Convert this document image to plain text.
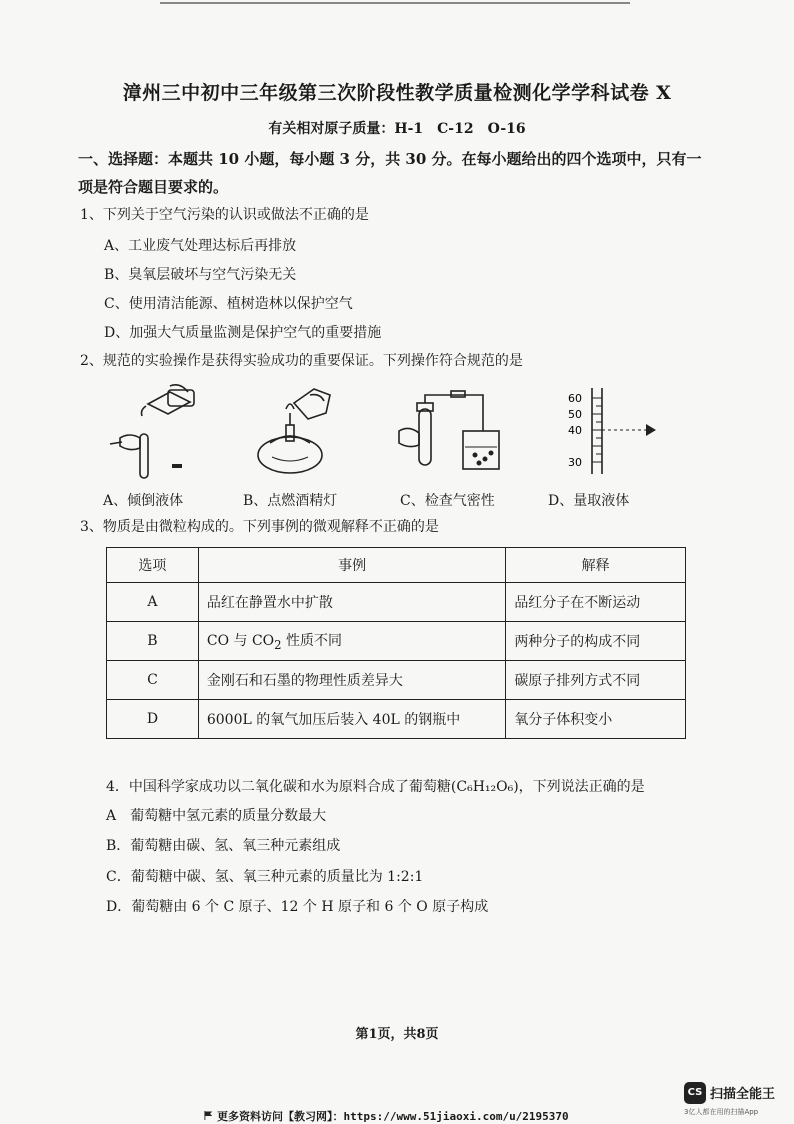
漳州三中初中三年级第三次阶段性教学质量检测化学学科试卷 X
有关相对原子质量：H-1　C-12　O-16
一、选择题：本题共 10 小题，每小题 3 分，共 30 分。在每小题给出的四个选项中，只有一
项是符合题目要求的。
1、下列关于空气污染的认识或做法不正确的是
A、工业废气处理达标后再排放
B、臭氧层破坏与空气污染无关
C、使用清洁能源、植树造林以保护空气
D、加强大气质量监测是保护空气的重要措施
2、规范的实验操作是获得实验成功的重要保证。下列操作符合规范的是
A、倾倒液体	B、点燃酒精灯	C、检查气密性
60
50
40
30
D、量取液体
3、物质是由微粒构成的。下列事例的微观解释不正确的是
选项	事例	解释
A	品红在静置水中扩散	品红分子在不断运动
B	CO 与 $CO_2$ 性质不同	两种分子的构成不同
C	金刚石和石墨的物理性质差异大	碳原子排列方式不同
D	6000L 的氧气加压后装入 40L 的钢瓶中	氧分子体积变小
4．中国科学家成功以二氧化碳和水为原料合成了葡萄糖(C₆H₁₂O₆)，下列说法正确的是
A　葡萄糖中氢元素的质量分数最大
B．葡萄糖由碳、氢、氧三种元素组成
C．葡萄糖中碳、氢、氧三种元素的质量比为 1:2:1
D．葡萄糖由 6 个 C 原子、12 个 H 原子和 6 个 O 原子构成
第1页，共8页
CS 扫描全能王
3亿人都在用的扫描App
更多资料访问【教习网】：https://www.51jiaoxi.com/u/2195370
